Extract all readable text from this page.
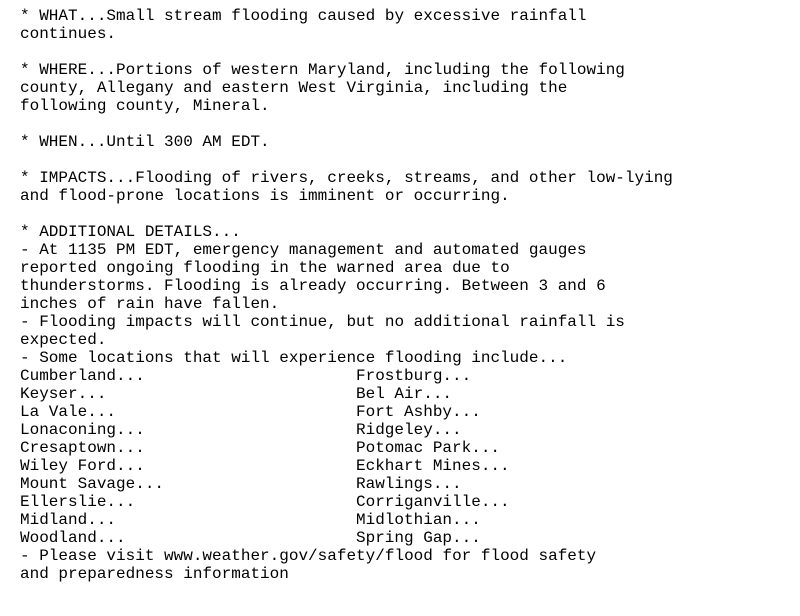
* WHAT...Small stream flooding caused by excessive rainfall
continues.
* WHERE...Portions of western Maryland, including the following
county, Allegany and eastern West Virginia, including the
following county, Mineral.
* WHEN...Until 300 AM EDT.
* IMPACTS...Flooding of rivers, creeks, streams, and other low-lying
and flood-prone locations is imminent or occurring.
* ADDITIONAL DETAILS...
- At 1135 PM EDT, emergency management and automated gauges
reported ongoing flooding in the warned area due to
thunderstorms. Flooding is already occurring. Between 3 and 6
inches of rain have fallen.
- Flooding impacts will continue, but no additional rainfall is
expected.
- Some locations that will experience flooding include...
Cumberland...	Frostburg...
Keyser...	Bel Air...
La Vale...	Fort Ashby...
Lonaconing...	Ridgeley...
Cresaptown...	Potomac Park...
Wiley Ford...	Eckhart Mines...
Mount Savage...	Rawlings...
Ellerslie...	Corriganville...
Midland...	Midlothian...
Woodland...	Spring Gap...
- Please visit www.weather.gov/safety/flood for flood safety
and preparedness information
